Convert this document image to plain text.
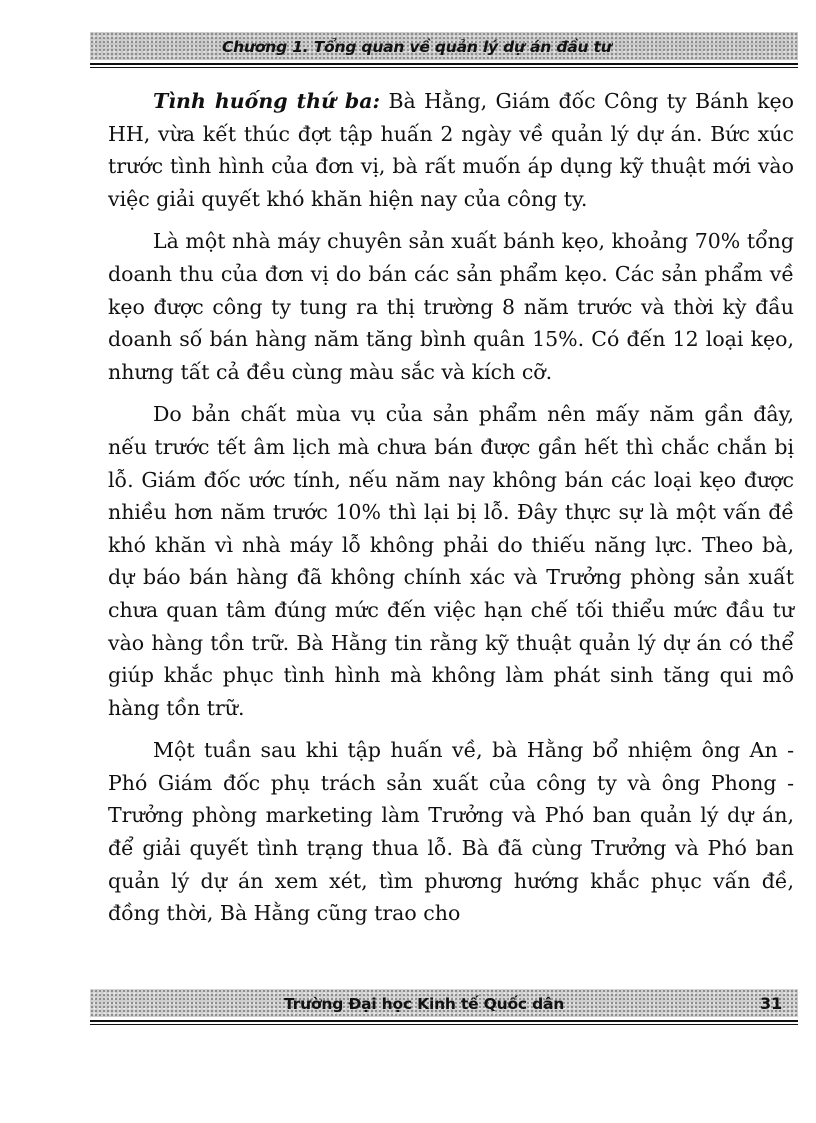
Chương 1. Tổng quan về quản lý dự án đầu tư

Tình huống thứ ba: Bà Hằng, Giám đốc Công ty Bánh kẹo HH, vừa kết thúc đợt tập huấn 2 ngày về quản lý dự án. Bức xúc trước tình hình của đơn vị, bà rất muốn áp dụng kỹ thuật mới vào việc giải quyết khó khăn hiện nay của công ty.

Là một nhà máy chuyên sản xuất bánh kẹo, khoảng 70% tổng doanh thu của đơn vị do bán các sản phẩm kẹo. Các sản phẩm về kẹo được công ty tung ra thị trường 8 năm trước và thời kỳ đầu doanh số bán hàng năm tăng bình quân 15%. Có đến 12 loại kẹo, nhưng tất cả đều cùng màu sắc và kích cỡ.

Do bản chất mùa vụ của sản phẩm nên mấy năm gần đây, nếu trước tết âm lịch mà chưa bán được gần hết thì chắc chắn bị lỗ. Giám đốc ước tính, nếu năm nay không bán các loại kẹo được nhiều hơn năm trước 10% thì lại bị lỗ. Đây thực sự là một vấn đề khó khăn vì nhà máy lỗ không phải do thiếu năng lực. Theo bà, dự báo bán hàng đã không chính xác và Trưởng phòng sản xuất chưa quan tâm đúng mức đến việc hạn chế tối thiểu mức đầu tư vào hàng tồn trữ. Bà Hằng tin rằng kỹ thuật quản lý dự án có thể giúp khắc phục tình hình mà không làm phát sinh tăng qui mô hàng tồn trữ.

Một tuần sau khi tập huấn về, bà Hằng bổ nhiệm ông An - Phó Giám đốc phụ trách sản xuất của công ty và ông Phong - Trưởng phòng marketing làm Trưởng và Phó ban quản lý dự án, để giải quyết tình trạng thua lỗ. Bà đã cùng Trưởng và Phó ban quản lý dự án xem xét, tìm phương hướng khắc phục vấn đề, đồng thời, Bà Hằng cũng trao cho

Trường Đại học Kinh tế Quốc dân	31
